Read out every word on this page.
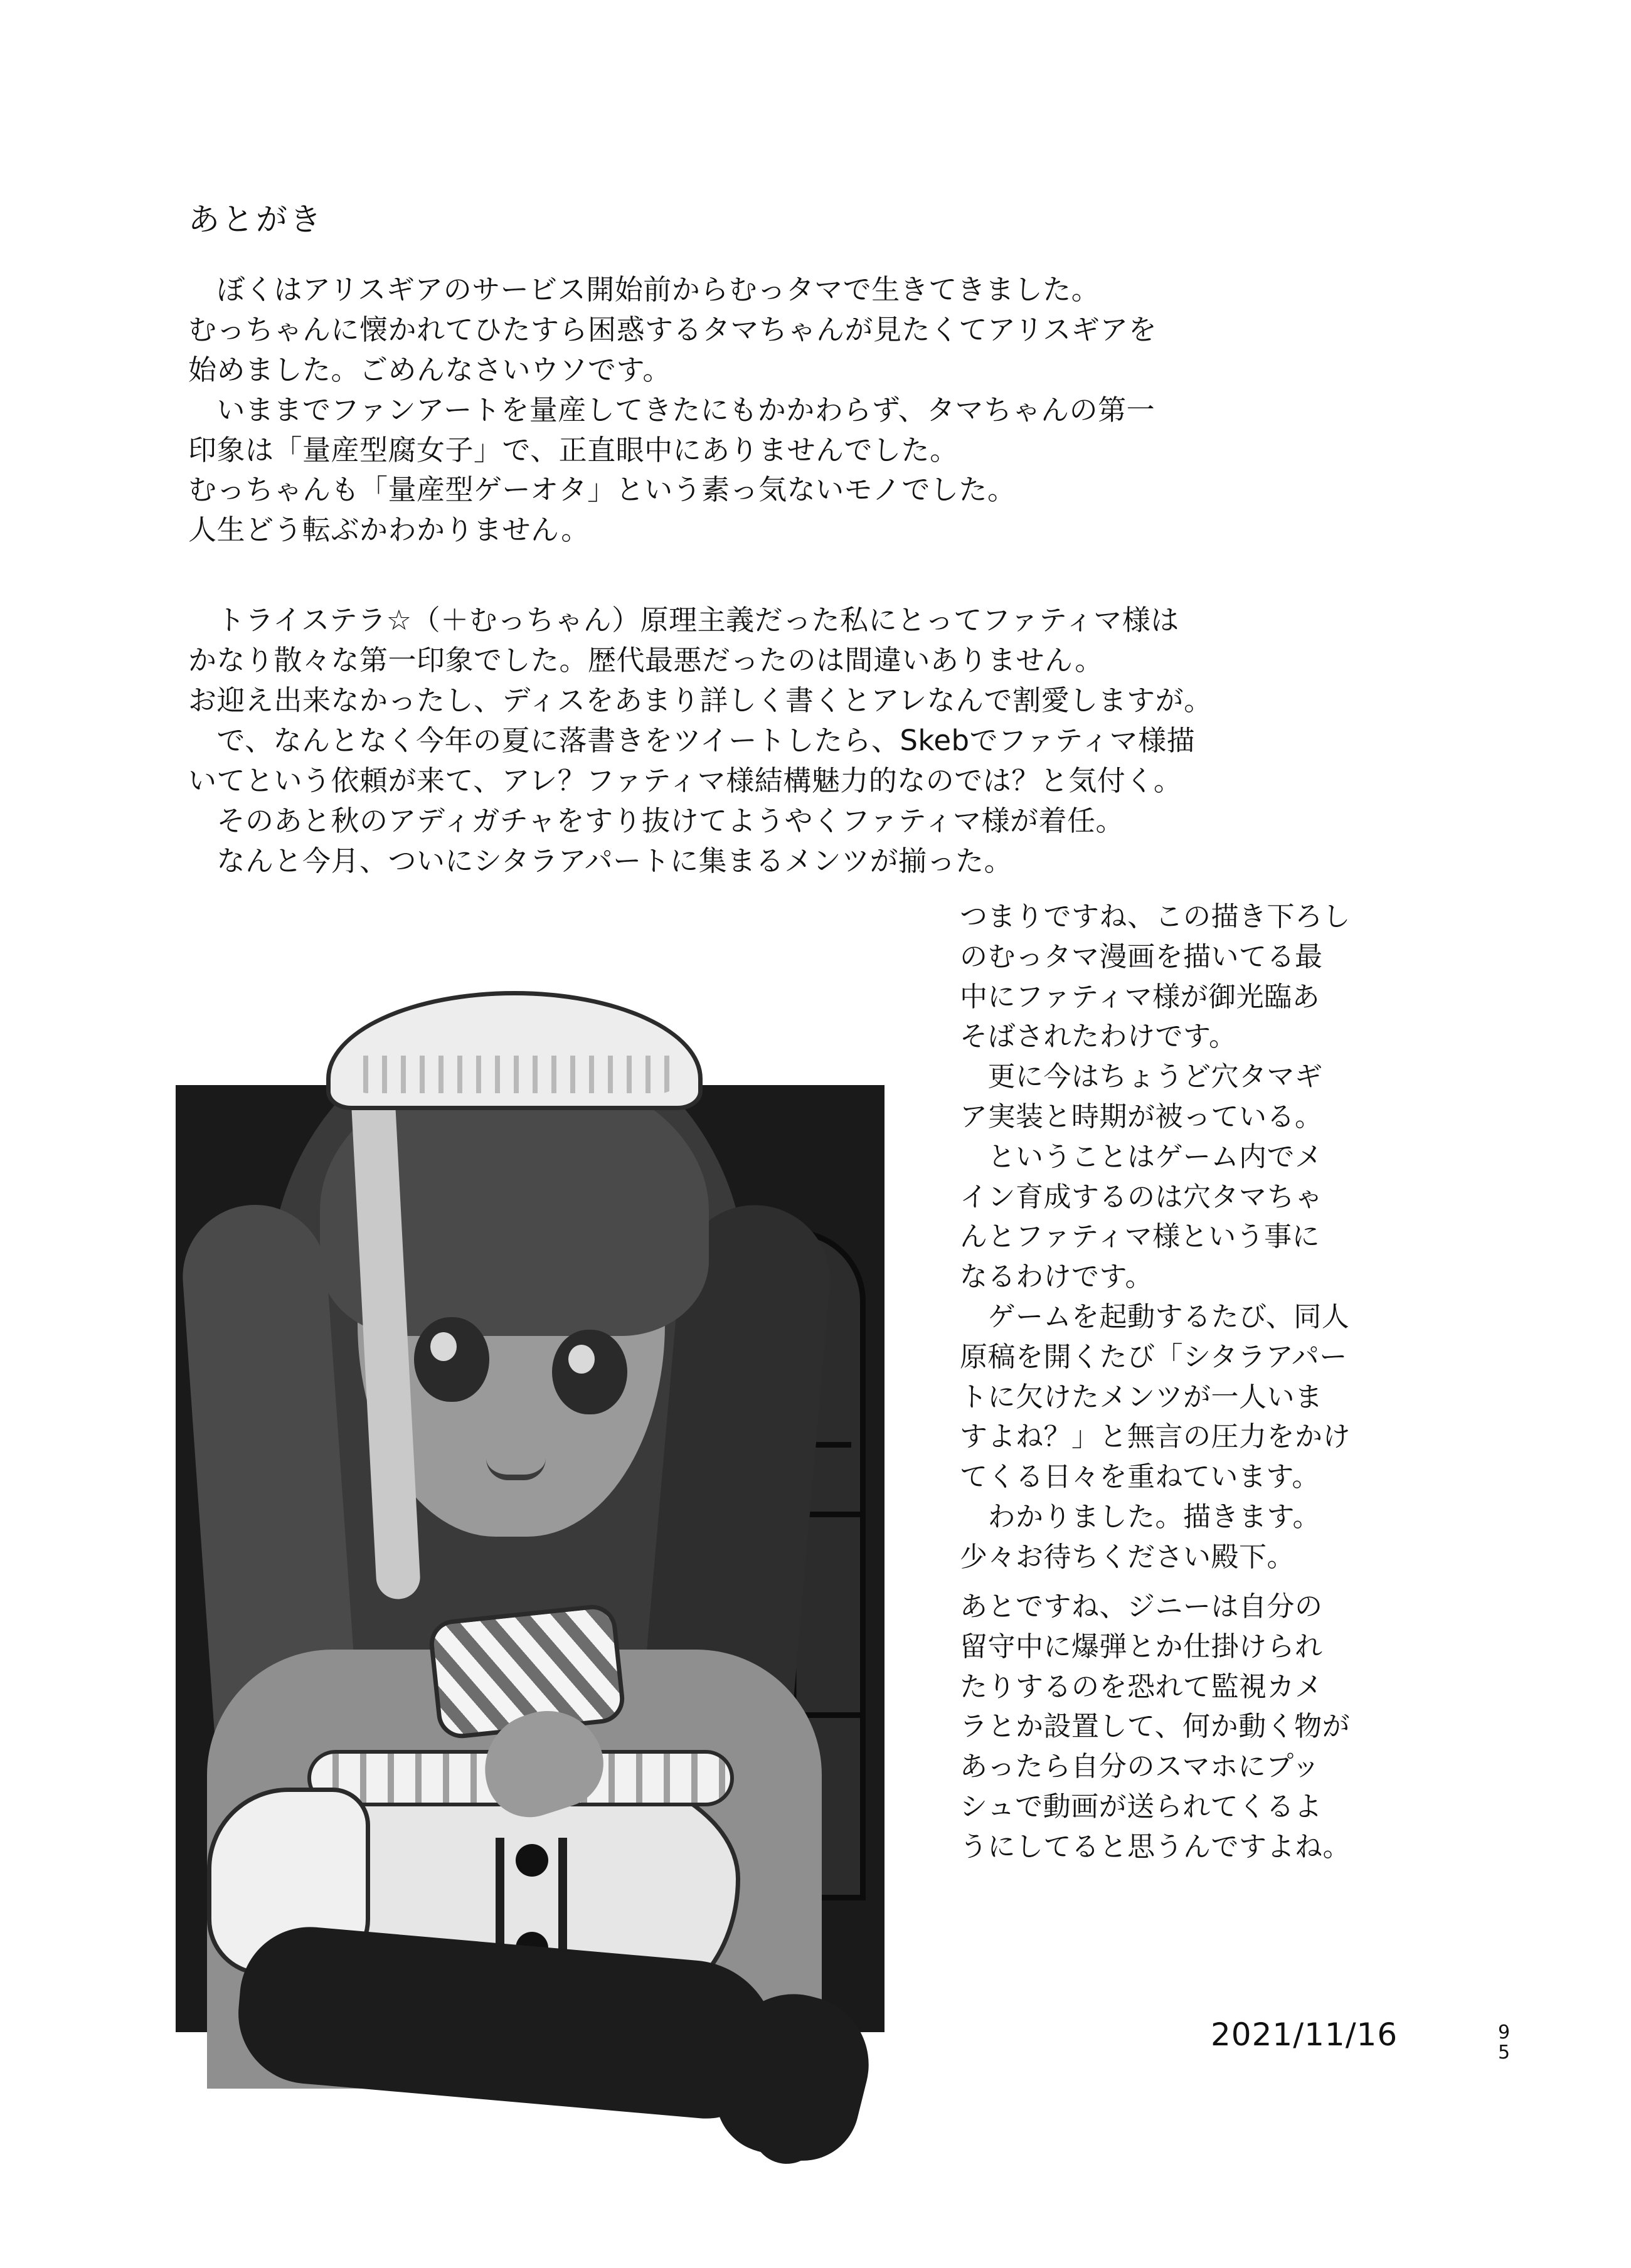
あとがき

　ぼくはアリスギアのサービス開始前からむっタマで生きてきました。

むっちゃんに懐かれてひたすら困惑するタマちゃんが見たくてアリスギアを

始めました。ごめんなさいウソです。

　いままでファンアートを量産してきたにもかかわらず、タマちゃんの第一

印象は「量産型腐女子」で、正直眼中にありませんでした。

むっちゃんも「量産型ゲーオタ」という素っ気ないモノでした。

人生どう転ぶかわかりません。

　トライステラ☆（＋むっちゃん）原理主義だった私にとってファティマ様は

かなり散々な第一印象でした。歴代最悪だったのは間違いありません。

お迎え出来なかったし、ディスをあまり詳しく書くとアレなんで割愛しますが。

　で、なんとなく今年の夏に落書きをツイートしたら、Skebでファティマ様描

いてという依頼が来て、アレ？ファティマ様結構魅力的なのでは？と気付く。

　そのあと秋のアディガチャをすり抜けてようやくファティマ様が着任。

　なんと今月、ついにシタラアパートに集まるメンツが揃った。

つまりですね、この描き下ろし

のむっタマ漫画を描いてる最

中にファティマ様が御光臨あ

そばされたわけです。

　更に今はちょうど穴タマギ

ア実装と時期が被っている。

　ということはゲーム内でメ

イン育成するのは穴タマちゃ

んとファティマ様という事に

なるわけです。

　ゲームを起動するたび、同人

原稿を開くたび「シタラアパー

トに欠けたメンツが一人いま

すよね？」と無言の圧力をかけ

てくる日々を重ねています。

　わかりました。描きます。

少々お待ちください殿下。

あとですね、ジニーは自分の

留守中に爆弾とか仕掛けられ

たりするのを恐れて監視カメ

ラとか設置して、何か動く物が

あったら自分のスマホにプッ

シュで動画が送られてくるよ

うにしてると思うんですよね。

2021/11/16	9
5
